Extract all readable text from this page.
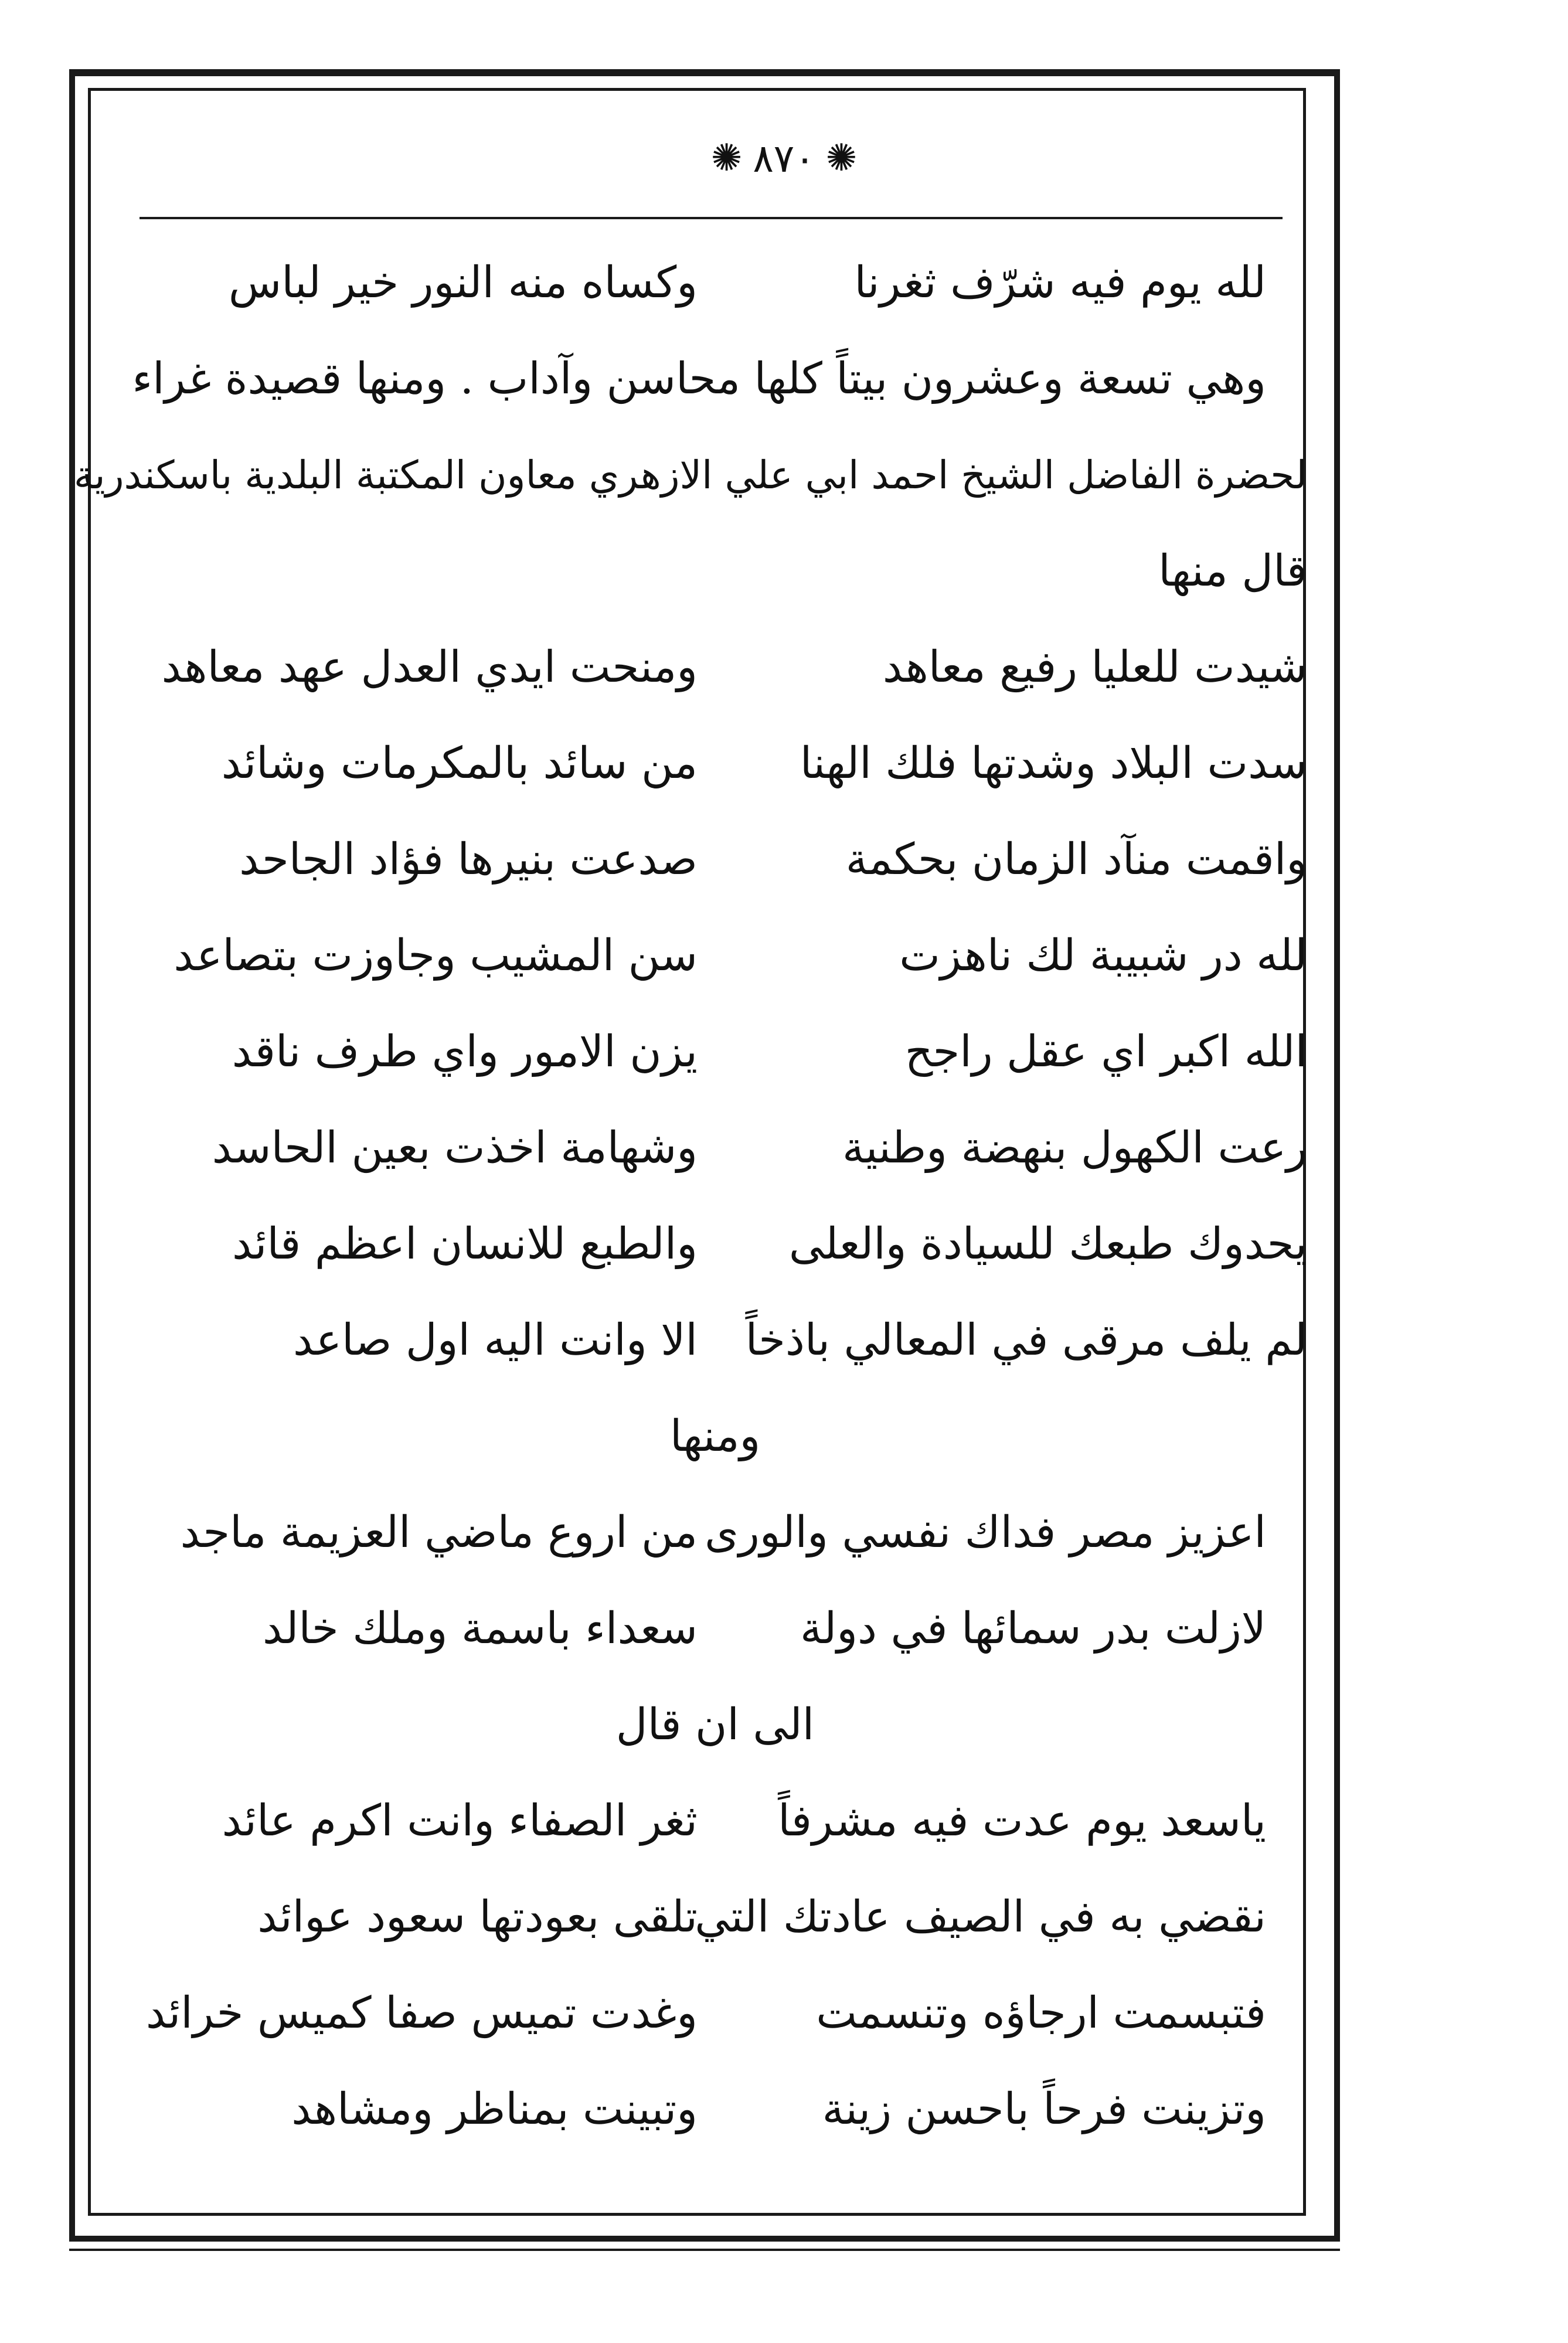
✺ ٨٧٠ ✺
لله يوم فيه شرّف ثغرنا
وكساه منه النور خير لباس
وهي تسعة وعشرون بيتاً كلها محاسن وآداب . ومنها قصيدة غراء
لحضرة الفاضل الشيخ احمد ابي علي الازهري معاون المكتبة البلدية باسكندرية
قال منها
شيدت للعليا رفيع معاهد
ومنحت ايدي العدل عهد معاهد
سدت البلاد وشدتها فلك الهنا
من سائد بالمكرمات وشائد
واقمت منآد الزمان بحكمة
صدعت بنيرها فؤاد الجاحد
لله در شبيبة لك ناهزت
سن المشيب وجاوزت بتصاعد
الله اكبر اي عقل راجح
يزن الامور واي طرف ناقد
رعت الكهول بنهضة وطنية
وشهامة اخذت بعين الحاسد
يحدوك طبعك للسيادة والعلى
والطبع للانسان اعظم قائد
لم يلف مرقى في المعالي باذخاً
الا وانت اليه اول صاعد
ومنها
اعزيز مصر فداك نفسي والورى
من اروع ماضي العزيمة ماجد
لازلت بدر سمائها في دولة
سعداء باسمة وملك خالد
الى ان قال
ياسعد يوم عدت فيه مشرفاً
ثغر الصفاء وانت اكرم عائد
نقضي به في الصيف عادتك التي
تلقى بعودتها سعود عوائد
فتبسمت ارجاؤه وتنسمت
وغدت تميس صفا كميس خرائد
وتزينت فرحاً باحسن زينة
وتبينت بمناظر ومشاهد
